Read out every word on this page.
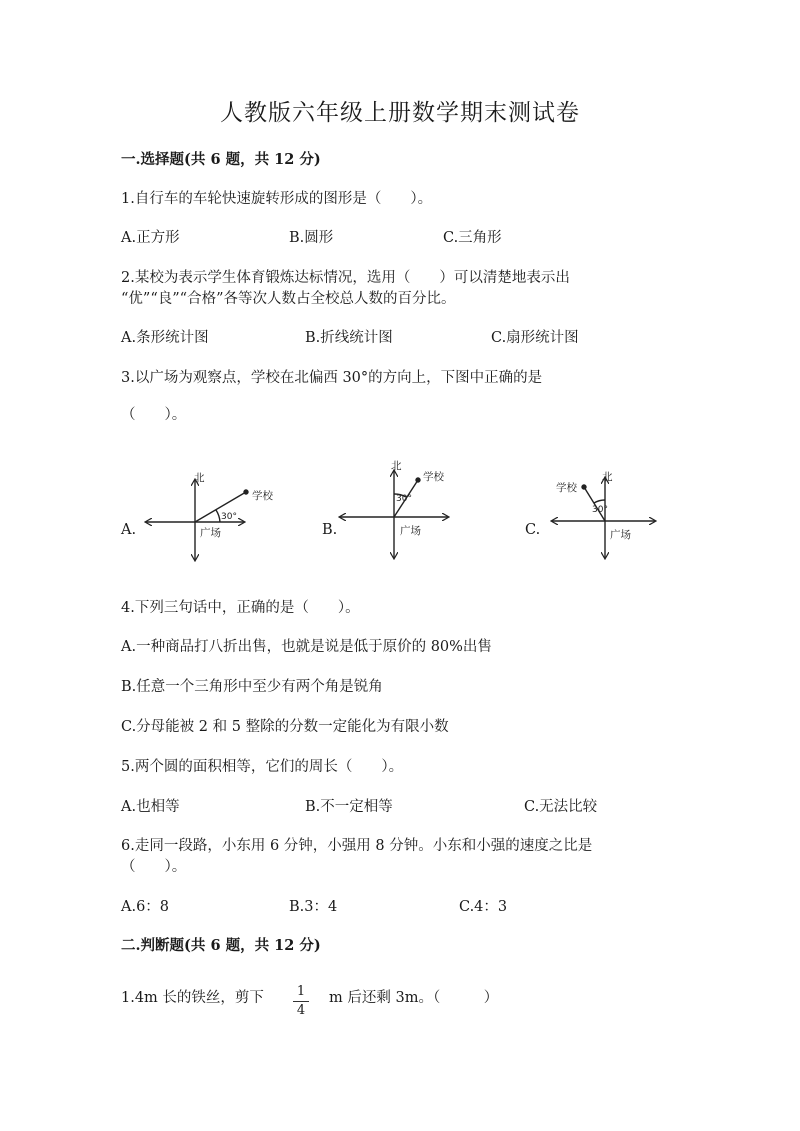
人教版六年级上册数学期末测试卷
一.选择题(共 6 题，共 12 分)
1.自行车的车轮快速旋转形成的图形是（　　）。
A.正方形	B.圆形	C.三角形
2.某校为表示学生体育锻炼达标情况，选用（　　）可以清楚地表示出
“优”“良”“合格”各等次人数占全校总人数的百分比。
A.条形统计图	B.折线统计图	C.扇形统计图
3.以广场为观察点，学校在北偏西 30°的方向上，下图中正确的是
（　　）。
A.	B.	C.
北
学校
广场
30°
北
学校
广场
30°
北
学校
广场
30°
4.下列三句话中，正确的是（　　）。
A.一种商品打八折出售，也就是说是低于原价的 80%出售
B.任意一个三角形中至少有两个角是锐角
C.分母能被 2 和 5 整除的分数一定能化为有限小数
5.两个圆的面积相等，它们的周长（　　）。
A.也相等	B.不一定相等	C.无法比较
6.走同一段路，小东用 6 分钟，小强用 8 分钟。小东和小强的速度之比是
（　　）。
A.6：8	B.3：4	C.4：3
二.判断题(共 6 题，共 12 分)
1.4m 长的铁丝，剪下	1
4
m 后还剩 3m。（　　　）
